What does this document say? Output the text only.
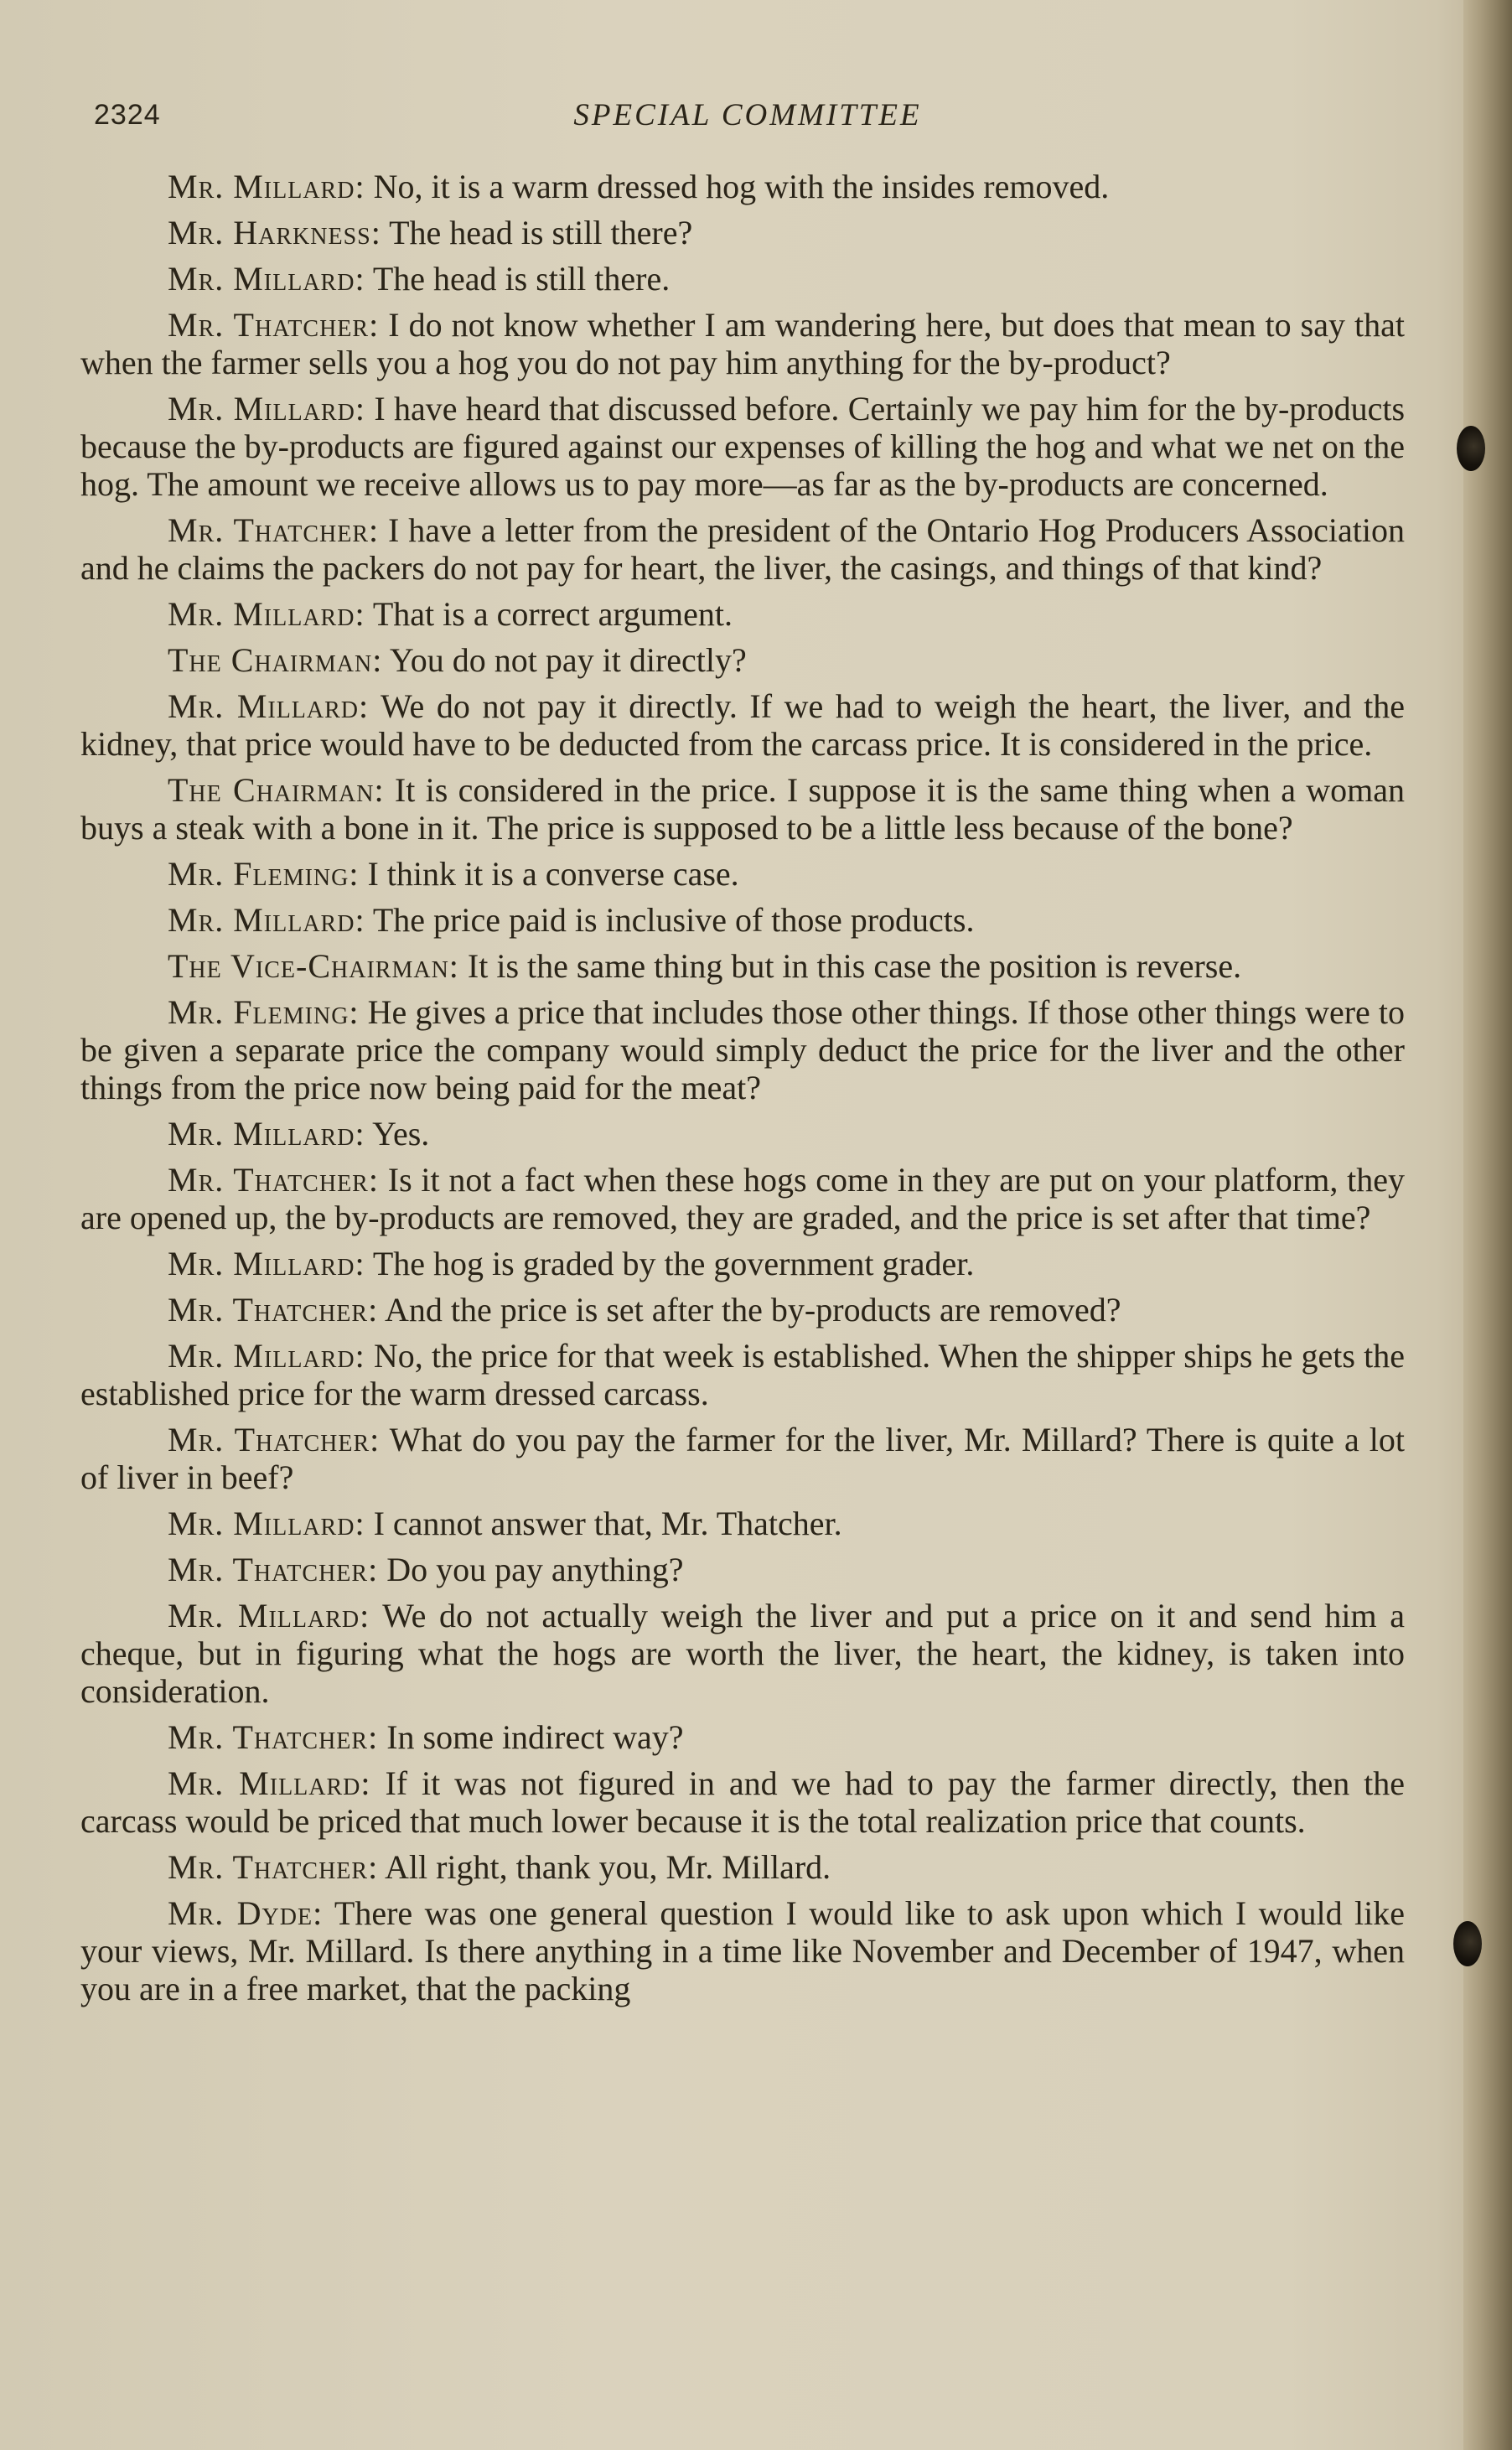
2324	SPECIAL COMMITTEE

Mr. Millard: No, it is a warm dressed hog with the insides removed.

Mr. Harkness: The head is still there?

Mr. Millard: The head is still there.

Mr. Thatcher: I do not know whether I am wandering here, but does that mean to say that when the farmer sells you a hog you do not pay him anything for the by-product?

Mr. Millard: I have heard that discussed before. Certainly we pay him for the by-products because the by-products are figured against our expenses of killing the hog and what we net on the hog. The amount we receive allows us to pay more—as far as the by-products are concerned.

Mr. Thatcher: I have a letter from the president of the Ontario Hog Producers Association and he claims the packers do not pay for heart, the liver, the casings, and things of that kind?

Mr. Millard: That is a correct argument.

The Chairman: You do not pay it directly?

Mr. Millard: We do not pay it directly. If we had to weigh the heart, the liver, and the kidney, that price would have to be deducted from the carcass price. It is considered in the price.

The Chairman: It is considered in the price. I suppose it is the same thing when a woman buys a steak with a bone in it. The price is supposed to be a little less because of the bone?

Mr. Fleming: I think it is a converse case.

Mr. Millard: The price paid is inclusive of those products.

The Vice-Chairman: It is the same thing but in this case the position is reverse.

Mr. Fleming: He gives a price that includes those other things. If those other things were to be given a separate price the company would simply deduct the price for the liver and the other things from the price now being paid for the meat?

Mr. Millard: Yes.

Mr. Thatcher: Is it not a fact when these hogs come in they are put on your platform, they are opened up, the by-products are removed, they are graded, and the price is set after that time?

Mr. Millard: The hog is graded by the government grader.

Mr. Thatcher: And the price is set after the by-products are removed?

Mr. Millard: No, the price for that week is established. When the shipper ships he gets the established price for the warm dressed carcass.

Mr. Thatcher: What do you pay the farmer for the liver, Mr. Millard? There is quite a lot of liver in beef?

Mr. Millard: I cannot answer that, Mr. Thatcher.

Mr. Thatcher: Do you pay anything?

Mr. Millard: We do not actually weigh the liver and put a price on it and send him a cheque, but in figuring what the hogs are worth the liver, the heart, the kidney, is taken into consideration.

Mr. Thatcher: In some indirect way?

Mr. Millard: If it was not figured in and we had to pay the farmer directly, then the carcass would be priced that much lower because it is the total realization price that counts.

Mr. Thatcher: All right, thank you, Mr. Millard.

Mr. Dyde: There was one general question I would like to ask upon which I would like your views, Mr. Millard. Is there anything in a time like November and December of 1947, when you are in a free market, that the packing
